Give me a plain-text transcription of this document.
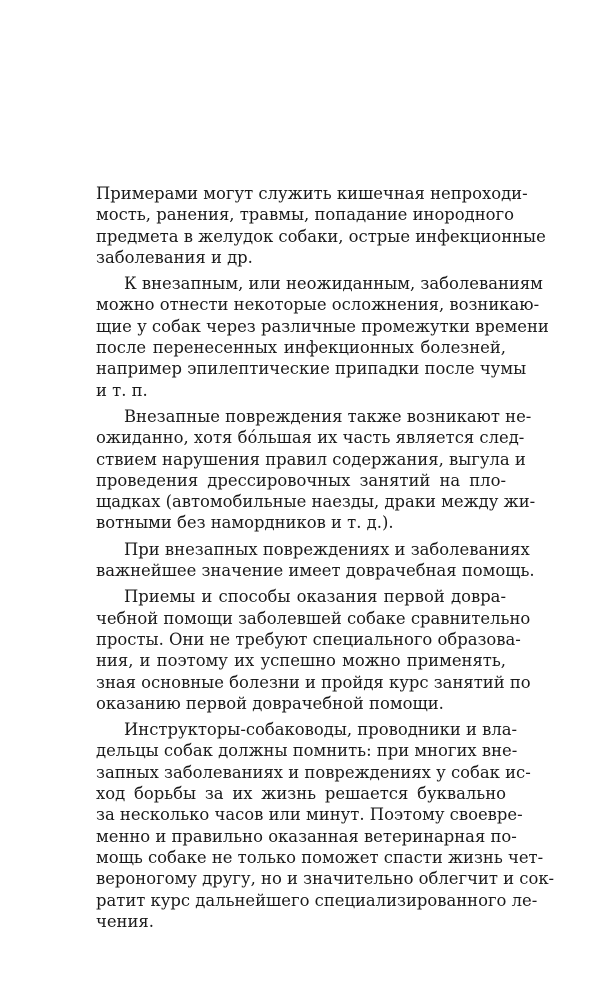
Примерами могут служить кишечная непроходи-
мость, ранения, травмы, попадание инородного
предмета в желудок собаки, острые инфекционные
заболевания и др.
К внезапным, или неожиданным, заболеваниям
можно отнести некоторые осложнения, возникаю-
щие у собак через различные промежутки времени
после перенесенных инфекционных болезней,
например эпилептические припадки после чумы
и т. п.
Внезапные повреждения также возникают не-
ожиданно, хотя бóльшая их часть является след-
ствием нарушения правил содержания, выгула и
проведения дрессировочных занятий на пло-
щадках (автомобильные наезды, драки между жи-
вотными без намордников и т. д.).
При внезапных повреждениях и заболеваниях
важнейшее значение имеет доврачебная помощь.
Приемы и способы оказания первой довра-
чебной помощи заболевшей собаке сравнительно
просты. Они не требуют специального образова-
ния, и поэтому их успешно можно применять,
зная основные болезни и пройдя курс занятий по
оказанию первой доврачебной помощи.
Инструкторы-собаководы, проводники и вла-
дельцы собак должны помнить: при многих вне-
запных заболеваниях и повреждениях у собак ис-
ход борьбы за их жизнь решается буквально
за несколько часов или минут. Поэтому своевре-
менно и правильно оказанная ветеринарная по-
мощь собаке не только поможет спасти жизнь чет-
вероногому другу, но и значительно облегчит и сок-
ратит курс дальнейшего специализированного ле-
чения.
